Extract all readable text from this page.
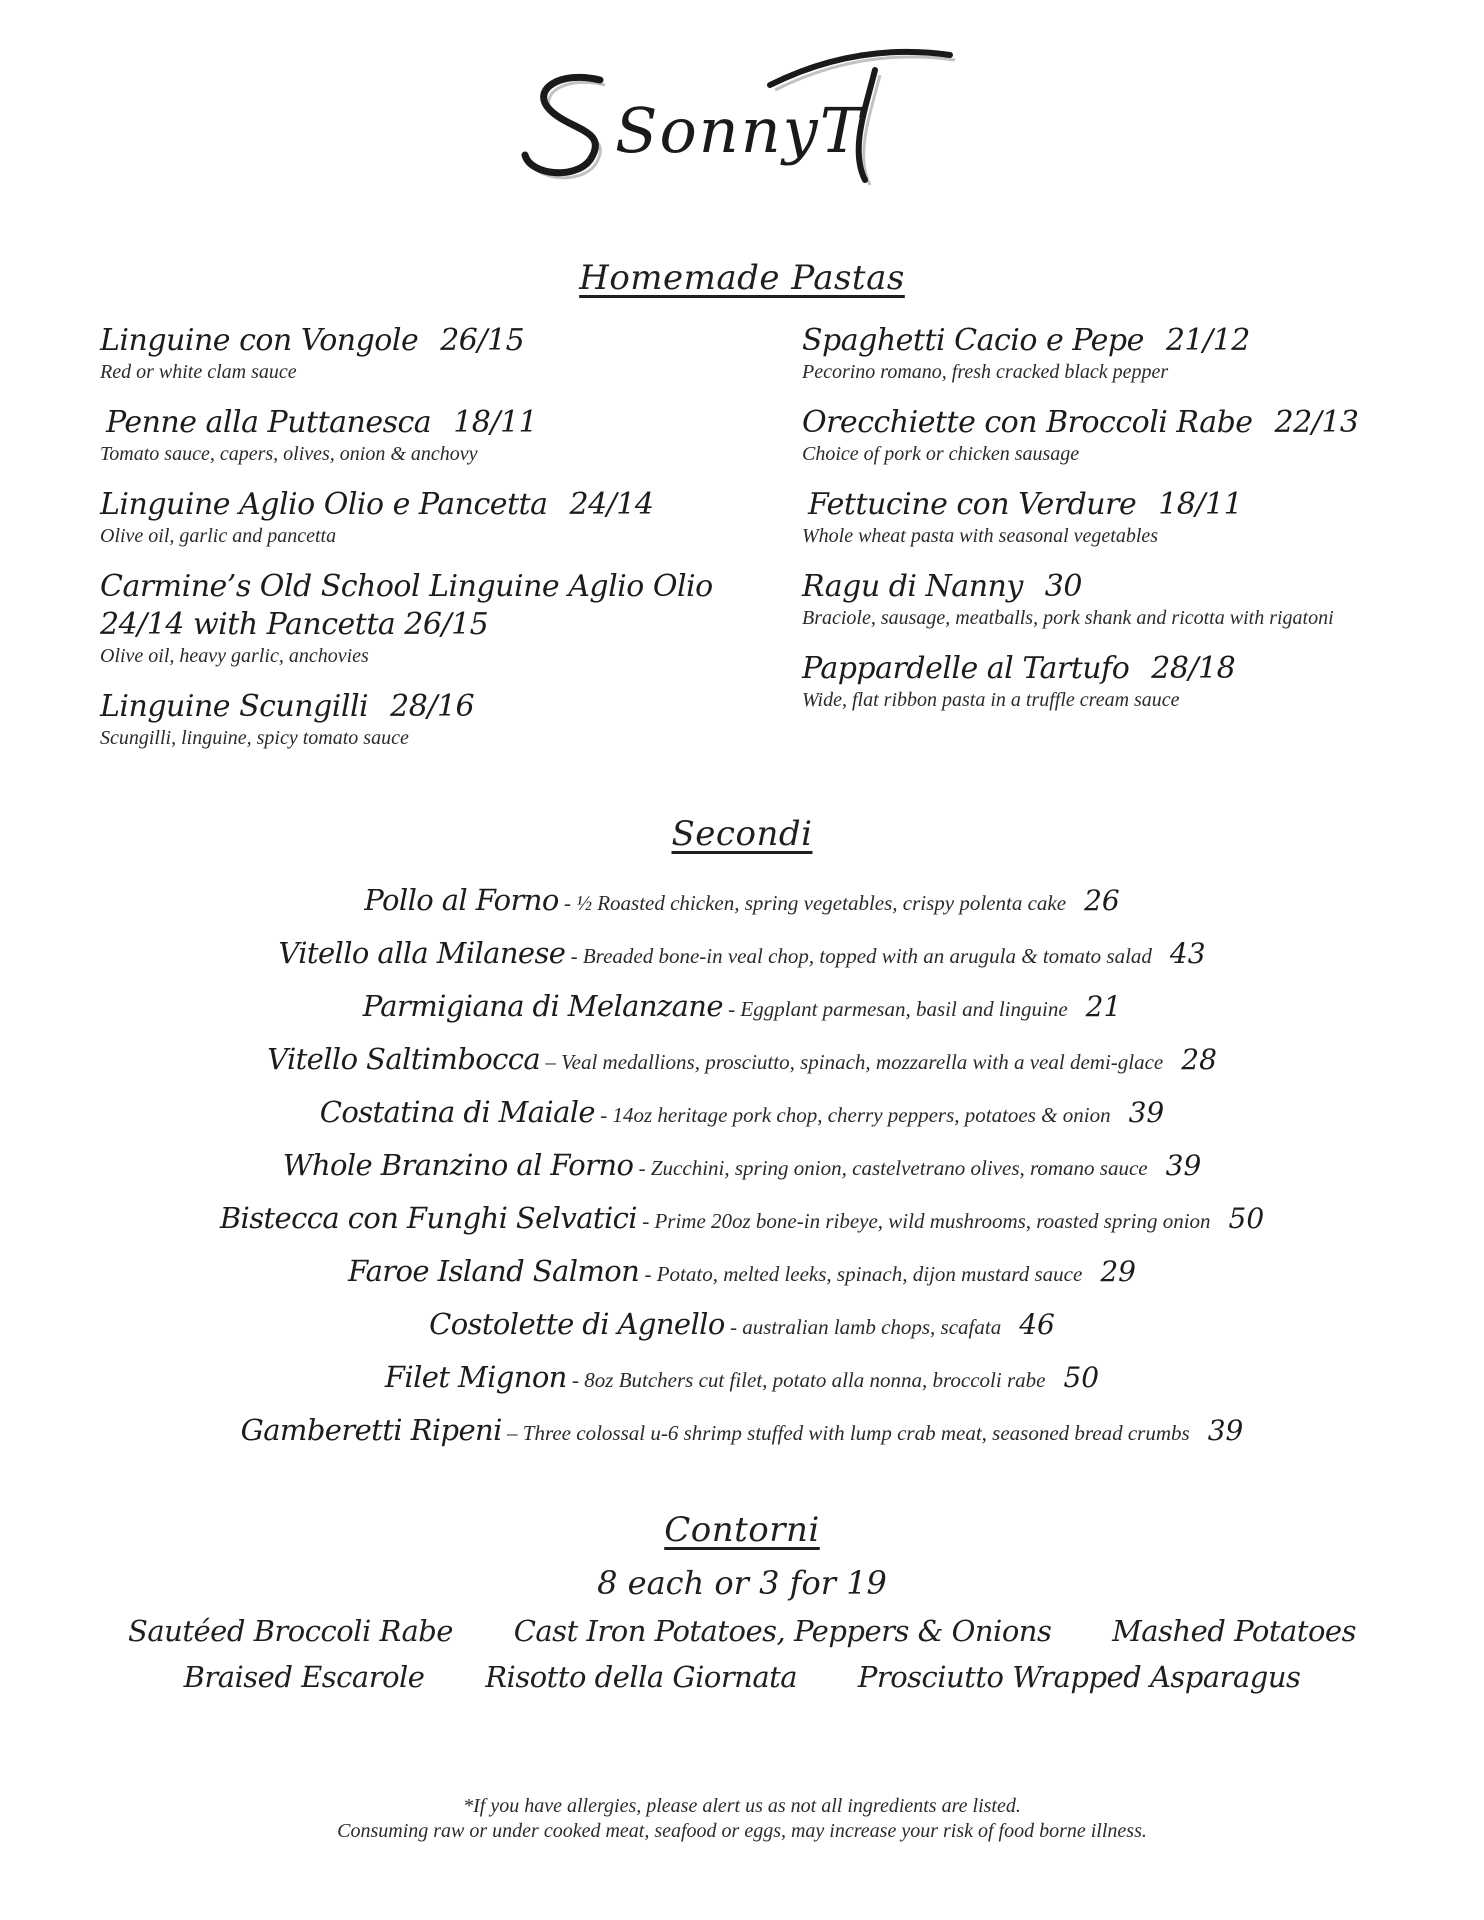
SonnyT
Homemade Pastas
Linguine con Vongole 26/15
Red or white clam sauce
Penne alla Puttanesca 18/11
Tomato sauce, capers, olives, onion & anchovy
Linguine Aglio Olio e Pancetta 24/14
Olive oil, garlic and pancetta
Carmine’s Old School Linguine Aglio Olio 24/14 with Pancetta 26/15
Olive oil, heavy garlic, anchovies
Linguine Scungilli 28/16
Scungilli, linguine, spicy tomato sauce
Spaghetti Cacio e Pepe 21/12
Pecorino romano, fresh cracked black pepper
Orecchiette con Broccoli Rabe 22/13
Choice of pork or chicken sausage
Fettucine con Verdure 18/11
Whole wheat pasta with seasonal vegetables
Ragu di Nanny 30
Braciole, sausage, meatballs, pork shank and ricotta with rigatoni
Pappardelle al Tartufo 28/18
Wide, flat ribbon pasta in a truffle cream sauce
Secondi
Pollo al Forno - ½ Roasted chicken, spring vegetables, crispy polenta cake 26
Vitello alla Milanese - Breaded bone-in veal chop, topped with an arugula & tomato salad 43
Parmigiana di Melanzane - Eggplant parmesan, basil and linguine 21
Vitello Saltimbocca – Veal medallions, prosciutto, spinach, mozzarella with a veal demi-glace 28
Costatina di Maiale - 14oz heritage pork chop, cherry peppers, potatoes & onion 39
Whole Branzino al Forno - Zucchini, spring onion, castelvetrano olives, romano sauce 39
Bistecca con Funghi Selvatici - Prime 20oz bone-in ribeye, wild mushrooms, roasted spring onion 50
Faroe Island Salmon - Potato, melted leeks, spinach, dijon mustard sauce 29
Costolette di Agnello - australian lamb chops, scafata 46
Filet Mignon - 8oz Butchers cut filet, potato alla nonna, broccoli rabe 50
Gamberetti Ripeni – Three colossal u-6 shrimp stuffed with lump crab meat, seasoned bread crumbs 39
Contorni
8 each or 3 for 19
Sautéed Broccoli Rabe Cast Iron Potatoes, Peppers & Onions Mashed Potatoes
Braised Escarole Risotto della Giornata Prosciutto Wrapped Asparagus
*If you have allergies, please alert us as not all ingredients are listed.
Consuming raw or under cooked meat, seafood or eggs, may increase your risk of food borne illness.
